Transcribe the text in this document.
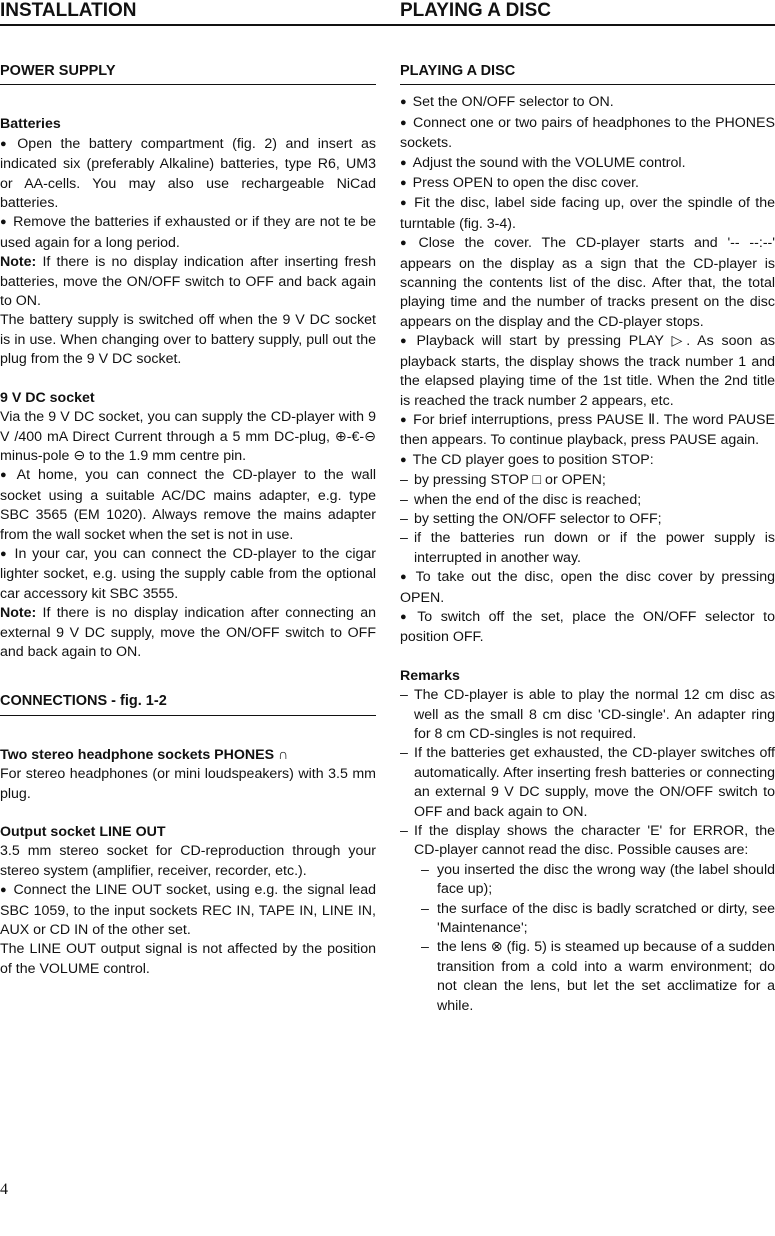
INSTALLATION	PLAYING A DISC
POWER SUPPLY

Batteries

● Open the battery compartment (fig. 2) and insert as indicated six (preferably Alkaline) batteries, type R6, UM3 or AA-cells. You may also use rechargeable NiCad batteries.

● Remove the batteries if exhausted or if they are not te be used again for a long period.

Note: If there is no display indication after inserting fresh batteries, move the ON/OFF switch to OFF and back again to ON.

The battery supply is switched off when the 9 V DC socket is in use. When changing over to battery supply, pull out the plug from the 9 V DC socket.

9 V DC socket

Via the 9 V DC socket, you can supply the CD-player with 9 V /400 mA Direct Current through a 5 mm DC-plug, ⊕-€-⊖ minus-pole ⊖ to the 1.9 mm centre pin.

● At home, you can connect the CD-player to the wall socket using a suitable AC/DC mains adapter, e.g. type SBC 3565 (EM 1020). Always remove the mains adapter from the wall socket when the set is not in use.

● In your car, you can connect the CD-player to the cigar lighter socket, e.g. using the supply cable from the optional car accessory kit SBC 3555.

Note: If there is no display indication after connecting an external 9 V DC supply, move the ON/OFF switch to OFF and back again to ON.

CONNECTIONS - fig. 1-2

Two stereo headphone sockets PHONES ∩

For stereo headphones (or mini loudspeakers) with 3.5 mm plug.

Output socket LINE OUT

3.5 mm stereo socket for CD-reproduction through your stereo system (amplifier, receiver, recorder, etc.).

● Connect the LINE OUT socket, using e.g. the signal lead SBC 1059, to the input sockets REC IN, TAPE IN, LINE IN, AUX or CD IN of the other set.

The LINE OUT output signal is not affected by the position of the VOLUME control.

PLAYING A DISC

● Set the ON/OFF selector to ON.

● Connect one or two pairs of headphones to the PHONES sockets.

● Adjust the sound with the VOLUME control.

● Press OPEN to open the disc cover.

● Fit the disc, label side facing up, over the spindle of the turntable (fig. 3-4).

● Close the cover. The CD-player starts and '-- --:--' appears on the display as a sign that the CD-player is scanning the contents list of the disc. After that, the total playing time and the number of tracks present on the disc appears on the display and the CD-player stops.

● Playback will start by pressing PLAY ▷. As soon as playback starts, the display shows the track number 1 and the elapsed playing time of the 1st title. When the 2nd title is reached the track number 2 appears, etc.

● For brief interruptions, press PAUSE Ⅱ. The word PAUSE then appears. To continue playback, press PAUSE again.

● The CD player goes to position STOP:

– by pressing STOP □ or OPEN;

– when the end of the disc is reached;

– by setting the ON/OFF selector to OFF;

– if the batteries run down or if the power supply is interrupted in another way.

● To take out the disc, open the disc cover by pressing OPEN.

● To switch off the set, place the ON/OFF selector to position OFF.

Remarks

– The CD-player is able to play the normal 12 cm disc as well as the small 8 cm disc 'CD-single'. An adapter ring for 8 cm CD-singles is not required.

– If the batteries get exhausted, the CD-player switches off automatically. After inserting fresh batteries or connecting an external 9 V DC supply, move the ON/OFF switch to OFF and back again to ON.

– If the display shows the character 'E' for ERROR, the CD-player cannot read the disc. Possible causes are:

– you inserted the disc the wrong way (the label should face up);

– the surface of the disc is badly scratched or dirty, see 'Maintenance';

– the lens ⊗ (fig. 5) is steamed up because of a sudden transition from a cold into a warm environment; do not clean the lens, but let the set acclimatize for a while.

4
